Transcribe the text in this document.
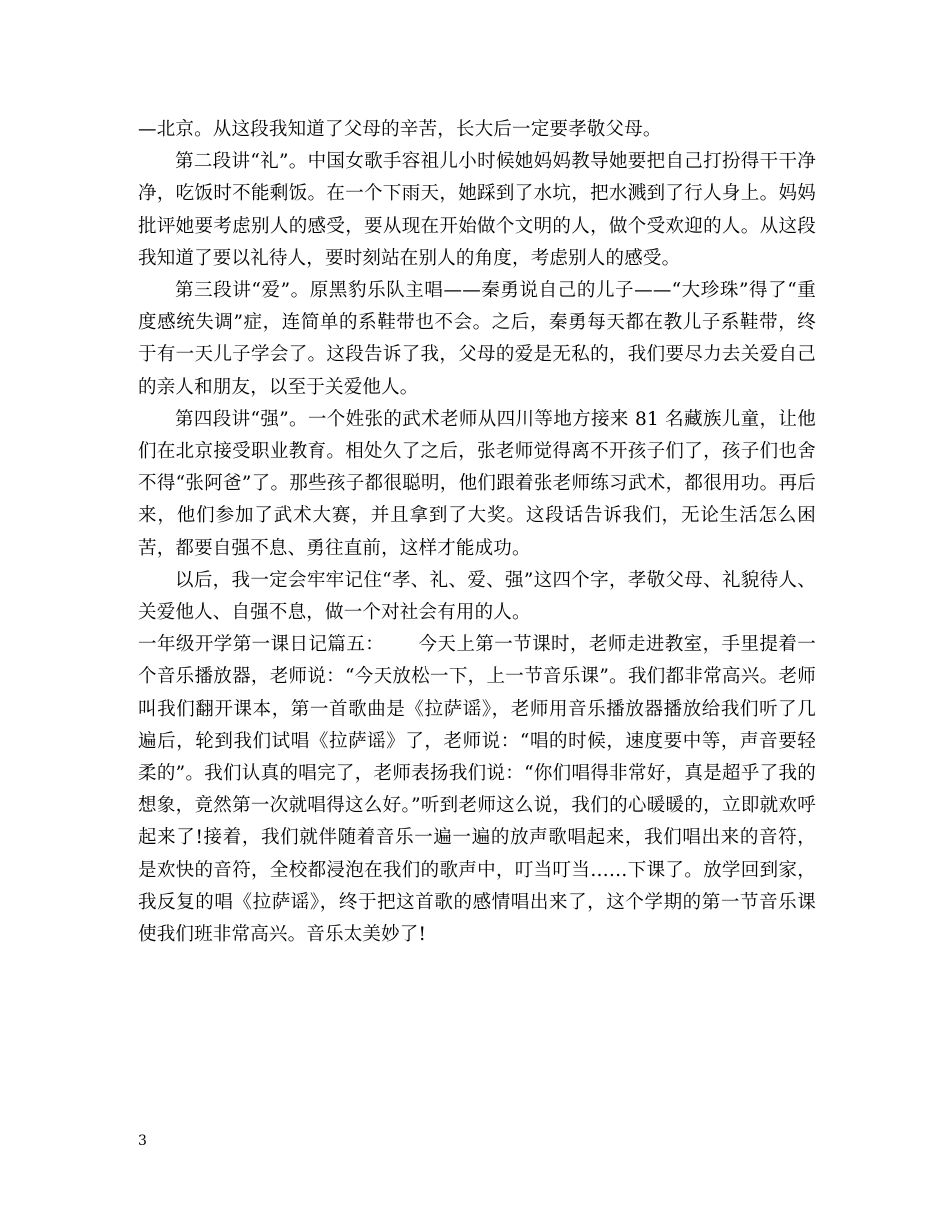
—北京。从这段我知道了父母的辛苦，长大后一定要孝敬父母。

第二段讲“礼”。中国女歌手容祖儿小时候她妈妈教导她要把自己打扮得干干净净，吃饭时不能剩饭。在一个下雨天，她踩到了水坑，把水溅到了行人身上。妈妈批评她要考虑别人的感受，要从现在开始做个文明的人，做个受欢迎的人。从这段我知道了要以礼待人，要时刻站在别人的角度，考虑别人的感受。

第三段讲“爱”。原黑豹乐队主唱——秦勇说自己的儿子——“大珍珠”得了“重度感统失调”症，连简单的系鞋带也不会。之后，秦勇每天都在教儿子系鞋带，终于有一天儿子学会了。这段告诉了我，父母的爱是无私的，我们要尽力去关爱自己的亲人和朋友，以至于关爱他人。

第四段讲“强”。一个姓张的武术老师从四川等地方接来 81 名藏族儿童，让他们在北京接受职业教育。相处久了之后，张老师觉得离不开孩子们了，孩子们也舍不得“张阿爸”了。那些孩子都很聪明，他们跟着张老师练习武术，都很用功。再后来，他们参加了武术大赛，并且拿到了大奖。这段话告诉我们，无论生活怎么困苦，都要自强不息、勇往直前，这样才能成功。

以后，我一定会牢牢记住“孝、礼、爱、强”这四个字，孝敬父母、礼貌待人、关爱他人、自强不息，做一个对社会有用的人。

一年级开学第一课日记篇五： 今天上第一节课时，老师走进教室，手里提着一个音乐播放器，老师说：“今天放松一下，上一节音乐课”。我们都非常高兴。老师叫我们翻开课本，第一首歌曲是《拉萨谣》，老师用音乐播放器播放给我们听了几遍后，轮到我们试唱《拉萨谣》了，老师说：“唱的时候，速度要中等，声音要轻柔的”。我们认真的唱完了，老师表扬我们说：“你们唱得非常好，真是超乎了我的想象，竟然第一次就唱得这么好。”听到老师这么说，我们的心暖暖的，立即就欢呼起来了!接着，我们就伴随着音乐一遍一遍的放声歌唱起来，我们唱出来的音符，是欢快的音符，全校都浸泡在我们的歌声中，叮当叮当……下课了。放学回到家，我反复的唱《拉萨谣》，终于把这首歌的感情唱出来了，这个学期的第一节音乐课使我们班非常高兴。音乐太美妙了!

3
